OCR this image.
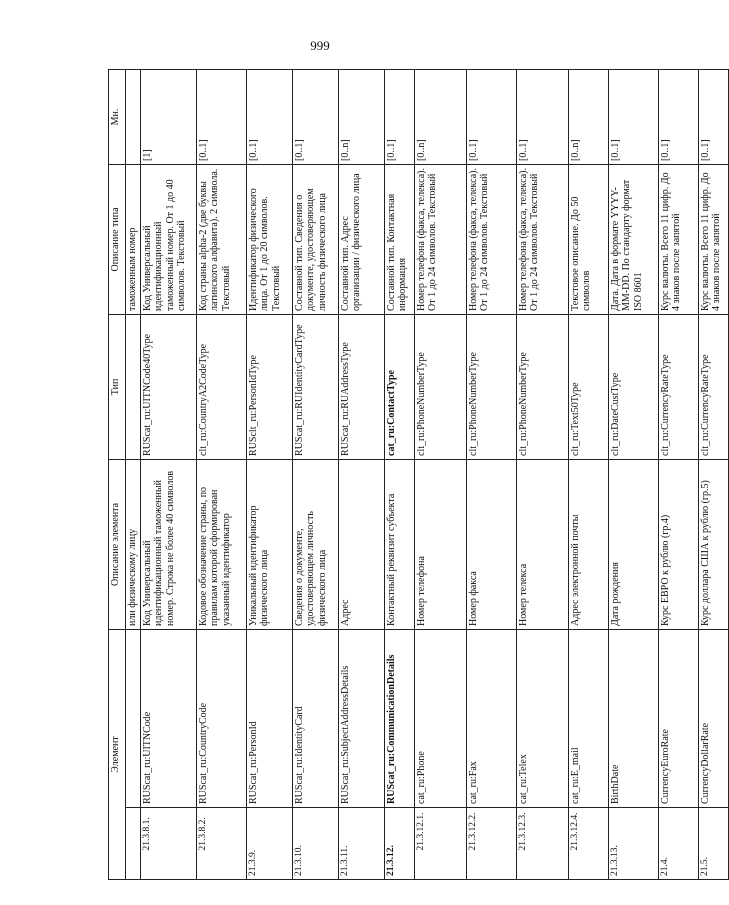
999
Элемент			Описание элемента	Тип	Описание типа	Мн.
			или физическому лицу		таможенным номер	
	21.3.8.1.	RUScat_ru:UITNCode	Код Универсальный идентификационный таможенный номер. Строка не более 40 символов	RUScat_ru:UITNCode40Type	Код Универсальный идентификационный таможенный номер. От 1 до 40 символов. Текстовый	[1]
	21.3.8.2.	RUScat_ru:CountryCode	Кодовое обозначение страны, по правилам которой сформирован указанный идентификатор	clt_ru:CountryA2CodeType	Код страны alpha-2 (две буквы латинского алфавита). 2 символа. Текстовый	[0..1]
21.3.9.		RUScat_ru:PersonId	Уникальный идентификатор физического лица	RUSclt_ru:PersonIdType	Идентификатор физического лица. От 1 до 20 символов. Текстовый	[0..1]
21.3.10.		RUScat_ru:IdentityCard	Сведения о документе, удостоверяющем личность физического лица	RUScat_ru:RUIdentityCardType	Составной тип. Сведения о документе, удостоверяющем личность физического лица	[0..1]
21.3.11.		RUScat_ru:SubjectAddressDetails	Адрес	RUScat_ru:RUAddressType	Составной тип. Адрес организации / физического лица	[0..n]
21.3.12.		RUScat_ru:CommunicationDetails	Контактный реквизит субъекта	cat_ru:ContactType	Составной тип. Контактная информация	[0..1]
	21.3.12.1.	cat_ru:Phone	Номер телефона	clt_ru:PhoneNumberType	Номер телефона (факса, телекса). От 1 до 24 символов. Текстовый	[0..n]
	21.3.12.2.	cat_ru:Fax	Номер факса	clt_ru:PhoneNumberType	Номер телефона (факса, телекса). От 1 до 24 символов. Текстовый	[0..1]
	21.3.12.3.	cat_ru:Telex	Номер телекса	clt_ru:PhoneNumberType	Номер телефона (факса, телекса). От 1 до 24 символов. Текстовый	[0..1]
	21.3.12.4.	cat_ru:E_mail	Адрес электронной почты	clt_ru:Text50Type	Текстовое описание. До 50 символов	[0..n]
21.3.13.		BirthDate	Дата рождения	clt_ru:DateCustType	Дата. Дата в формате YYYY-MM-DD. По стандарту формат ISO 8601	[0..1]
21.4.		CurrencyEuroRate	Курс ЕВРО к рублю (гр.4)	clt_ru:CurrencyRateType	Курс валюты. Всего 11 цифр. До 4 знаков после запятой	[0..1]
21.5.		CurrencyDollarRate	Курс доллара США к рублю (гр.5)	clt_ru:CurrencyRateType	Курс валюты. Всего 11 цифр. До 4 знаков после запятой	[0..1]
